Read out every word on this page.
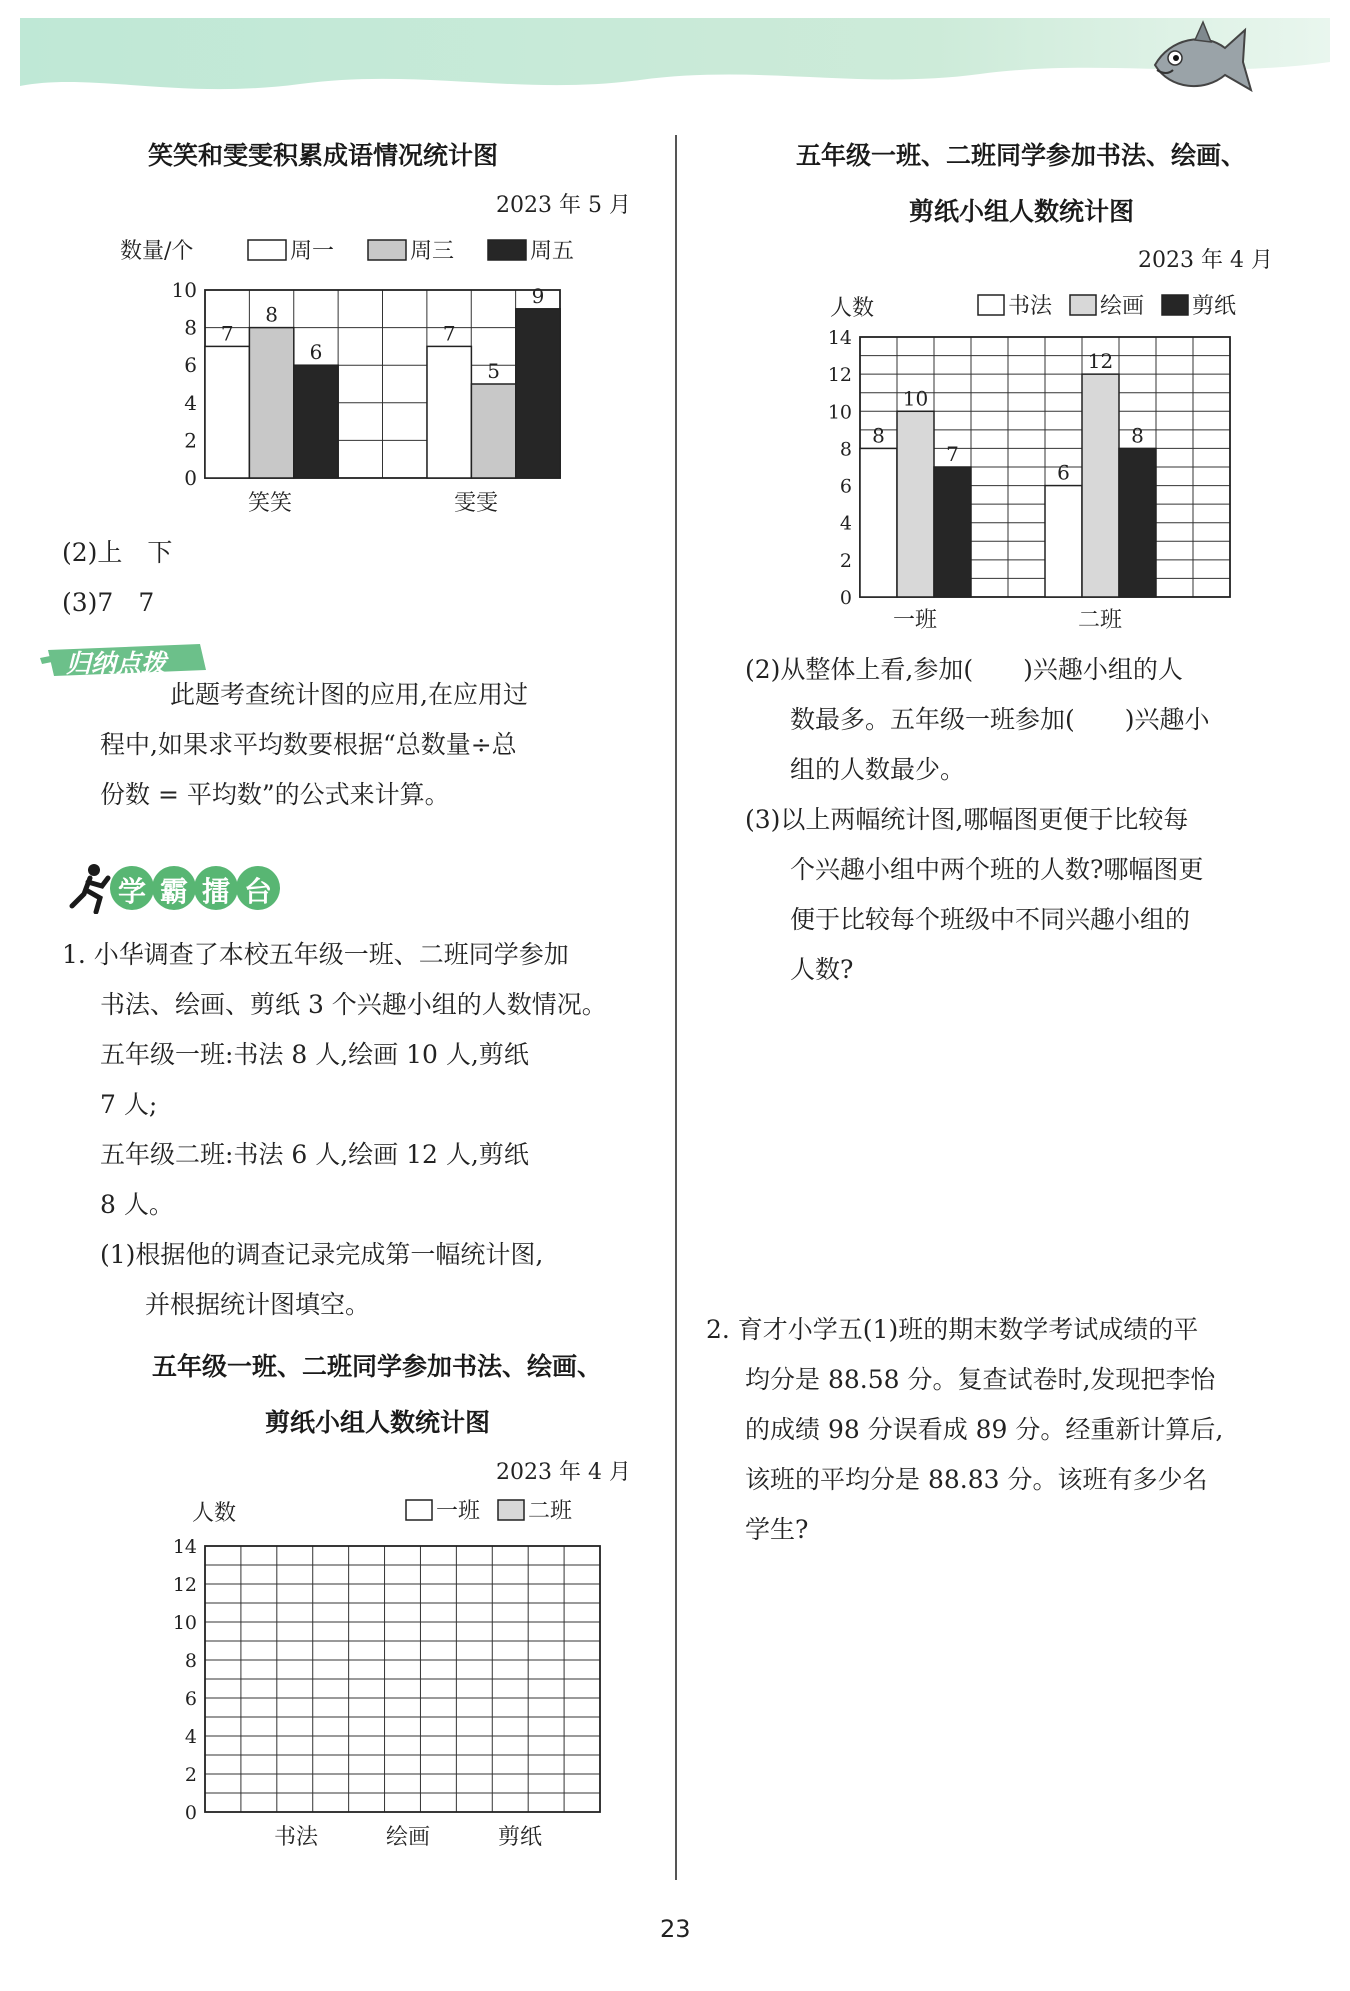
笑笑和雯雯积累成语情况统计图
2023 年 5 月
10
8
6
4
2
0
数量/个	周一	周三	周五
笑笑	雯雯
7	7
8
5
6
9
(2)上　下
(3)7　7
归纳点拨
此题考查统计图的应用,在应用过
程中,如果求平均数要根据“总数量÷总
份数 = 平均数”的公式来计算。
学霸擂台
1. 小华调查了本校五年级一班、二班同学参加
书法、绘画、剪纸 3 个兴趣小组的人数情况。
五年级一班:书法 8 人,绘画 10 人,剪纸
7 人;
五年级二班:书法 6 人,绘画 12 人,剪纸
8 人。
(1)根据他的调查记录完成第一幅统计图,
并根据统计图填空。
五年级一班、二班同学参加书法、绘画、
剪纸小组人数统计图
2023 年 4 月
14
12
10
8
6
4
2
0
人数	一班 二班
书法	绘画	剪纸
五年级一班、二班同学参加书法、绘画、
剪纸小组人数统计图
2023 年 4 月
14
12
10
8
6
4
2
0
人数	书法 绘画 剪纸
一班	二班
8
6
10
12
7
8
(2)从整体上看,参加(　　)兴趣小组的人
数最多。五年级一班参加(　　)兴趣小
组的人数最少。
(3)以上两幅统计图,哪幅图更便于比较每
个兴趣小组中两个班的人数?哪幅图更
便于比较每个班级中不同兴趣小组的
人数?
2. 育才小学五(1)班的期末数学考试成绩的平
均分是 88.58 分。复查试卷时,发现把李怡
的成绩 98 分误看成 89 分。经重新计算后,
该班的平均分是 88.83 分。该班有多少名
学生?
23
